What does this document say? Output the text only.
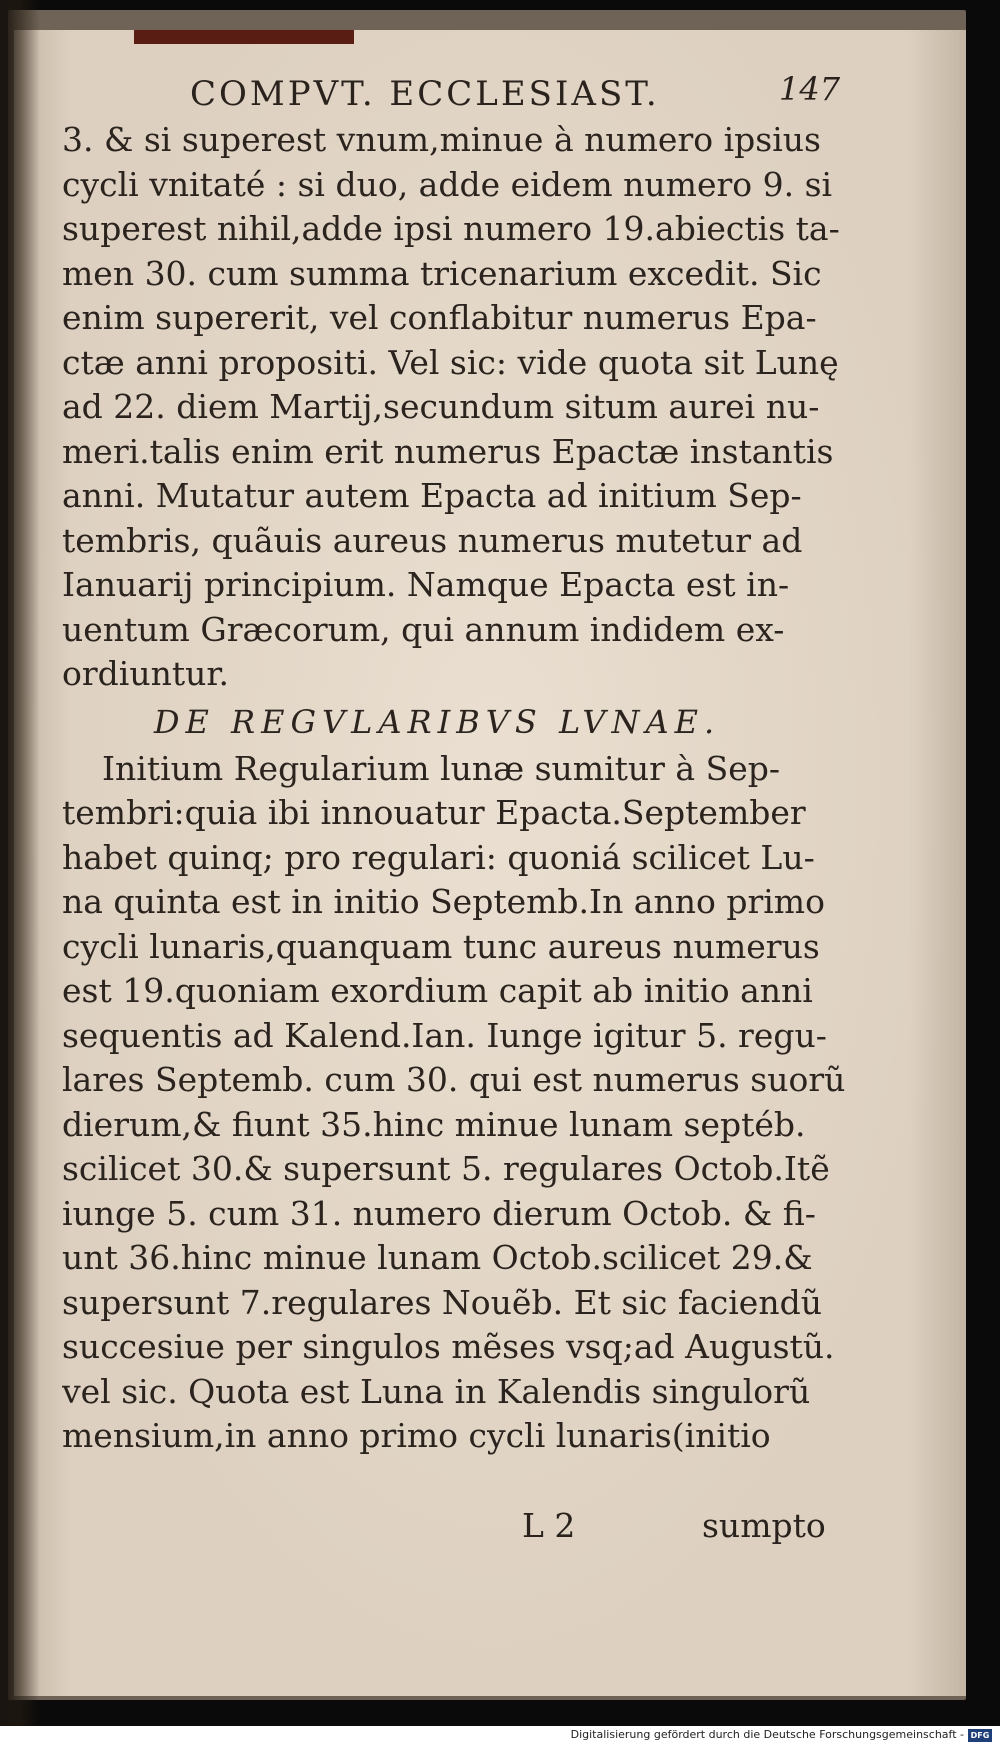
COMPVT. ECCLESIAST.	147
3. & si superest vnum,minue à numero ipsius
cycli vnitaté : si duo, adde eidem numero 9. si
superest nihil,adde ipsi numero 19.abiectis ta-
men 30. cum summa tricenarium excedit. Sic
enim supererit, vel conflabitur numerus Epa-
ctæ anni propositi. Vel sic: vide quota sit Lunę
ad 22. diem Martij,secundum situm aurei nu-
meri.talis enim erit numerus Epactæ instantis
anni. Mutatur autem Epacta ad initium Sep-
tembris, quãuis aureus numerus mutetur ad
Ianuarij principium. Namque Epacta est in-
uentum Græcorum, qui annum indidem ex-
ordiuntur.
DE REGVLARIBVS LVNAE.
Initium Regularium lunæ sumitur à Sep-
tembri:quia ibi innouatur Epacta.September
habet quinq; pro regulari: quoniá scilicet Lu-
na quinta est in initio Septemb.In anno primo
cycli lunaris,quanquam tunc aureus numerus
est 19.quoniam exordium capit ab initio anni
sequentis ad Kalend.Ian. Iunge igitur 5. regu-
lares Septemb. cum 30. qui est numerus suorũ
dierum,& fiunt 35.hinc minue lunam septéb.
scilicet 30.& supersunt 5. regulares Octob.Itẽ
iunge 5. cum 31. numero dierum Octob. & fi-
unt 36.hinc minue lunam Octob.scilicet 29.&
supersunt 7.regulares Nouẽb. Et sic faciendũ
succesiue per singulos mẽses vsq;ad Augustũ.
vel sic. Quota est Luna in Kalendis singulorũ
mensium,in anno primo cycli lunaris(initio
L 2	sumpto
Digitalisierung gefördert durch die Deutsche Forschungsgemeinschaft - DFG
